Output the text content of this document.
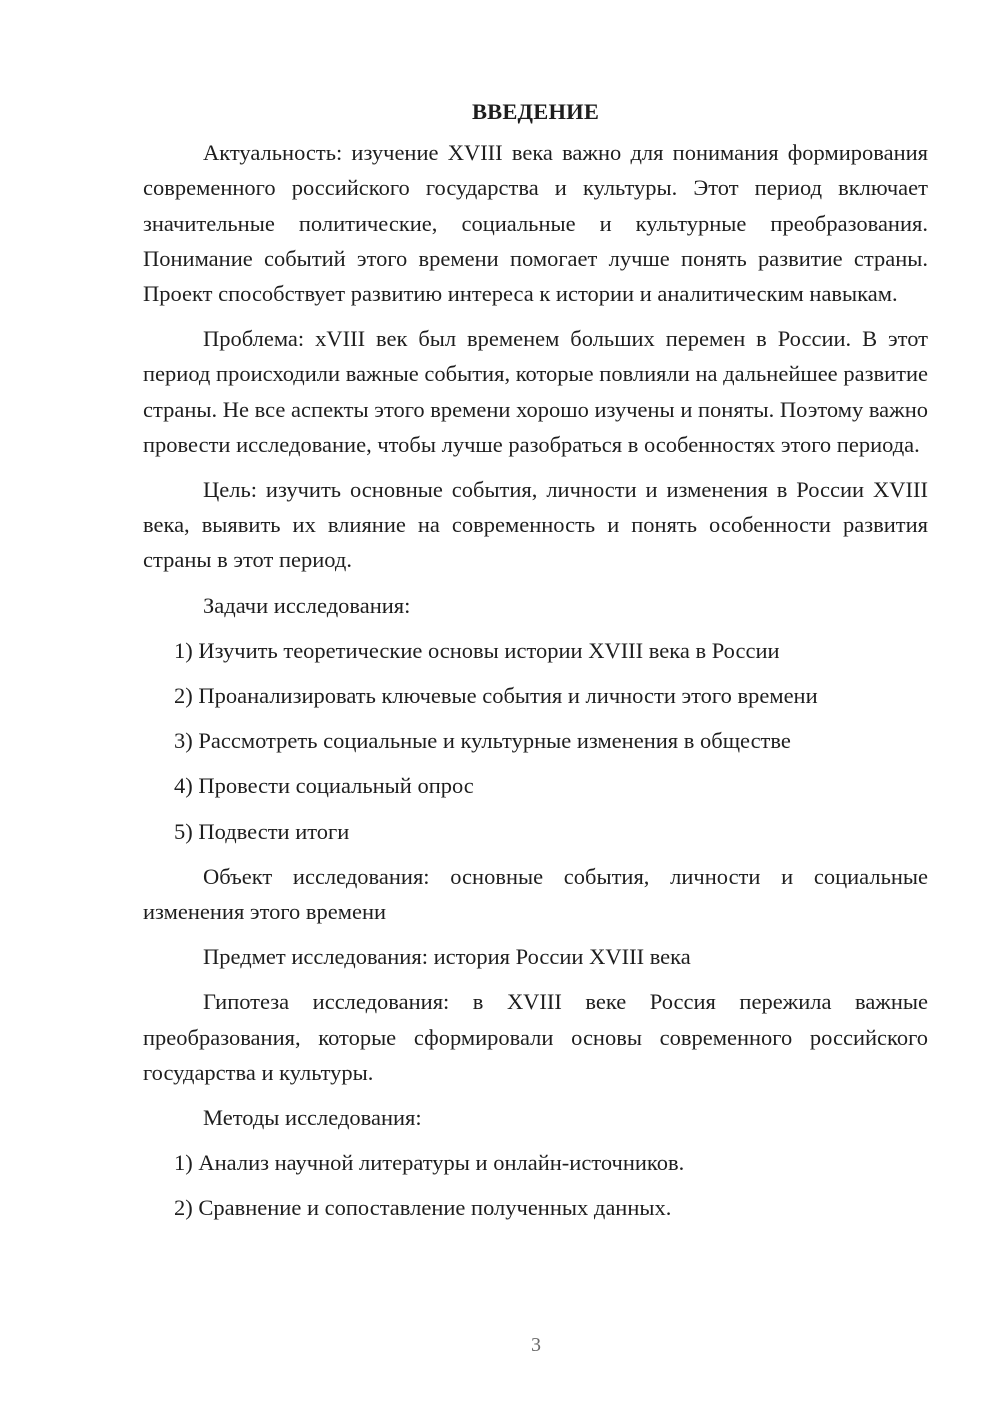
ВВЕДЕНИЕ

Актуальность: изучение XVIII века важно для понимания формирования современного российского государства и культуры. Этот период включает значительные политические, социальные и культурные преобразования. Понимание событий этого времени помогает лучше понять развитие страны. Проект способствует развитию интереса к истории и аналитическим навыкам.

Проблема: xVIII век был временем больших перемен в России. В этот период происходили важные события, которые повлияли на дальнейшее развитие страны. Не все аспекты этого времени хорошо изучены и поняты. Поэтому важно провести исследование, чтобы лучше разобраться в особенностях этого периода.

Цель: изучить основные события, личности и изменения в России XVIII века, выявить их влияние на современность и понять особенности развития страны в этот период.

Задачи исследования:
1) Изучить теоретические основы истории XVIII века в России
2) Проанализировать ключевые события и личности этого времени
3) Рассмотреть социальные и культурные изменения в обществе
4) Провести социальный опрос
5) Подвести итоги

Объект исследования: основные события, личности и социальные изменения этого времени

Предмет исследования: история России XVIII века

Гипотеза исследования: в XVIII веке Россия пережила важные преобразования, которые сформировали основы современного российского государства и культуры.

Методы исследования:
1) Анализ научной литературы и онлайн-источников.
2) Сравнение и сопоставление полученных данных.
3
